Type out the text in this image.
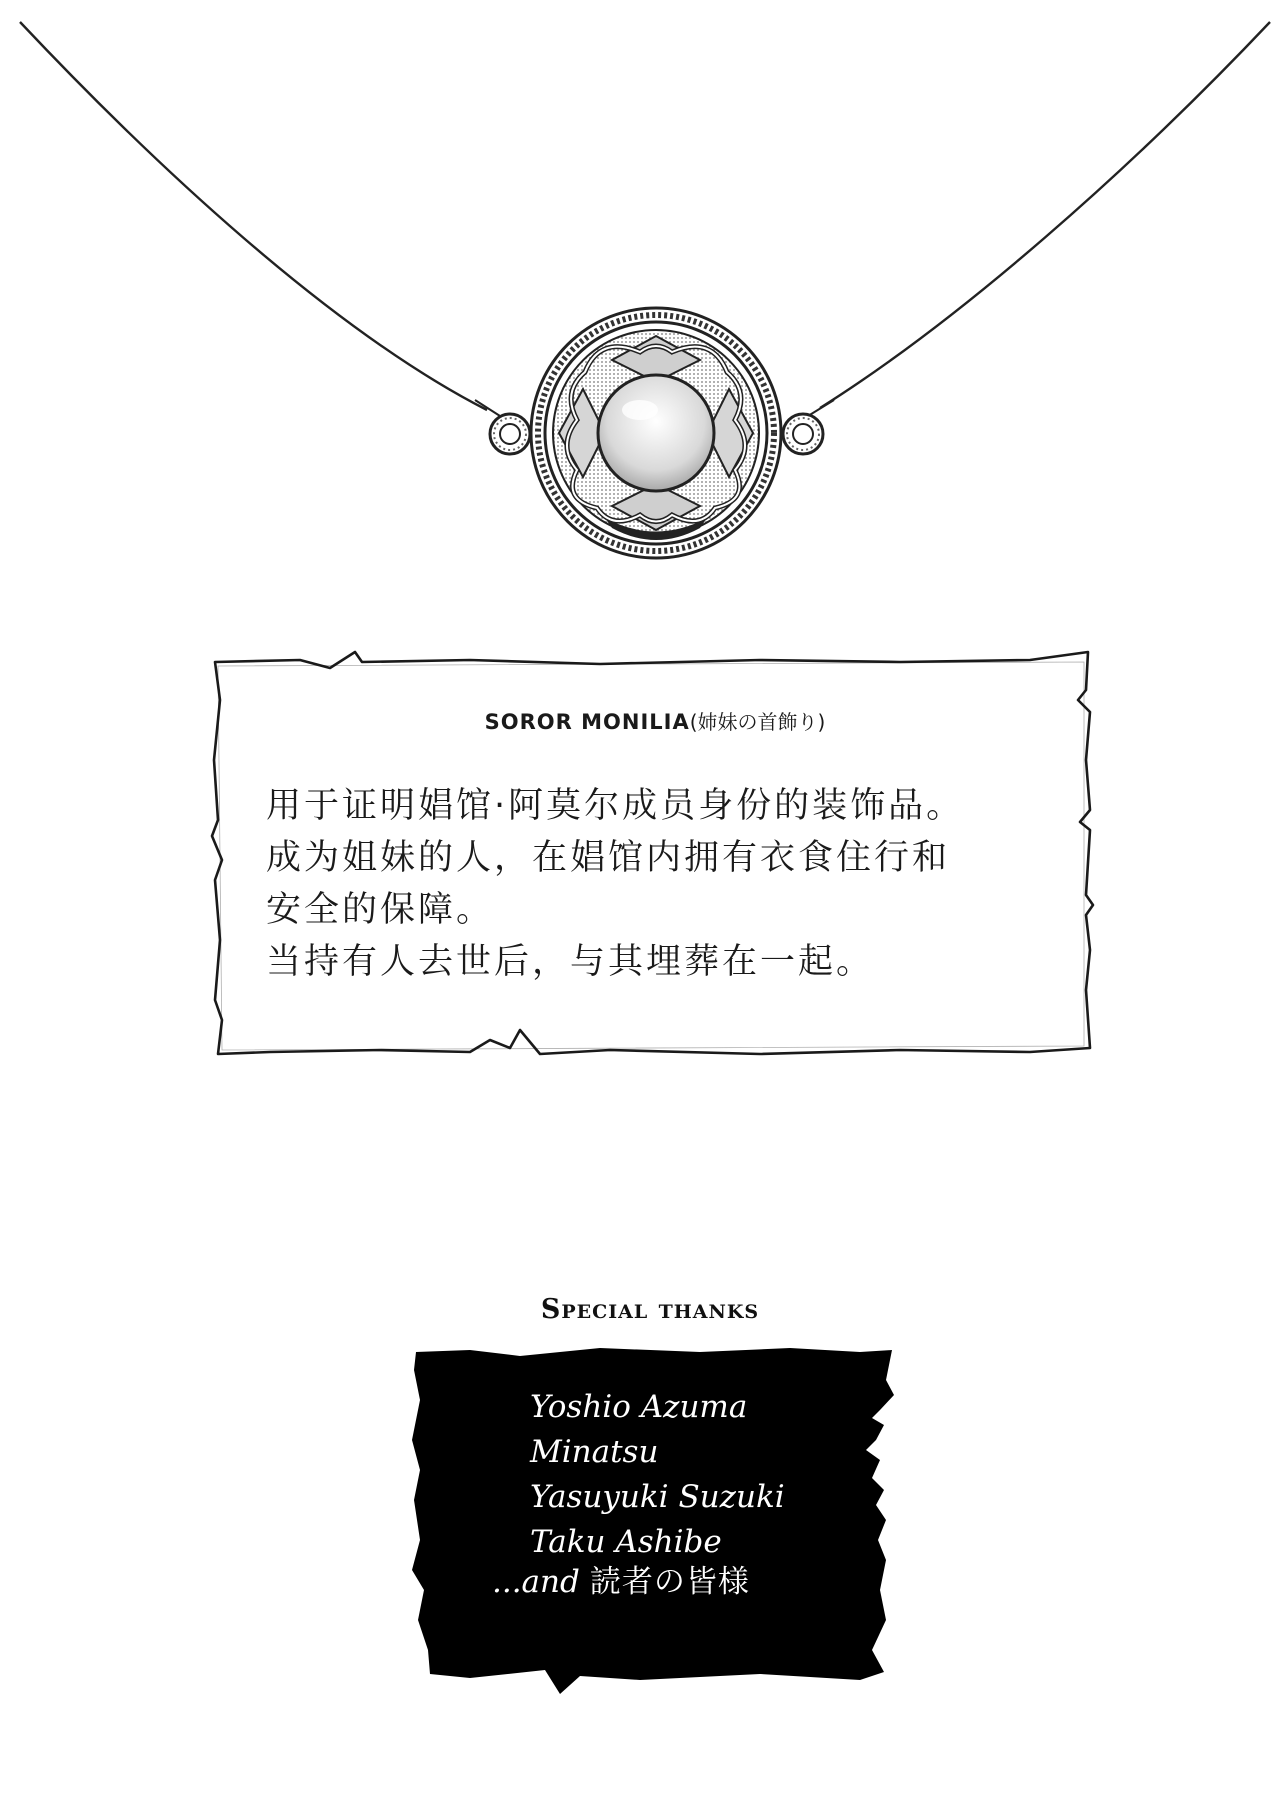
SOROR MONILIA(姉妹の首飾り)
用于证明娼馆·阿莫尔成员身份的装饰品。
成为姐妹的人，在娼馆内拥有衣食住行和
安全的保障。
当持有人去世后，与其埋葬在一起。
Special thanks
Yoshio Azuma
Minatsu
Yasuyuki Suzuki
Taku Ashibe
...and 読者の皆様
